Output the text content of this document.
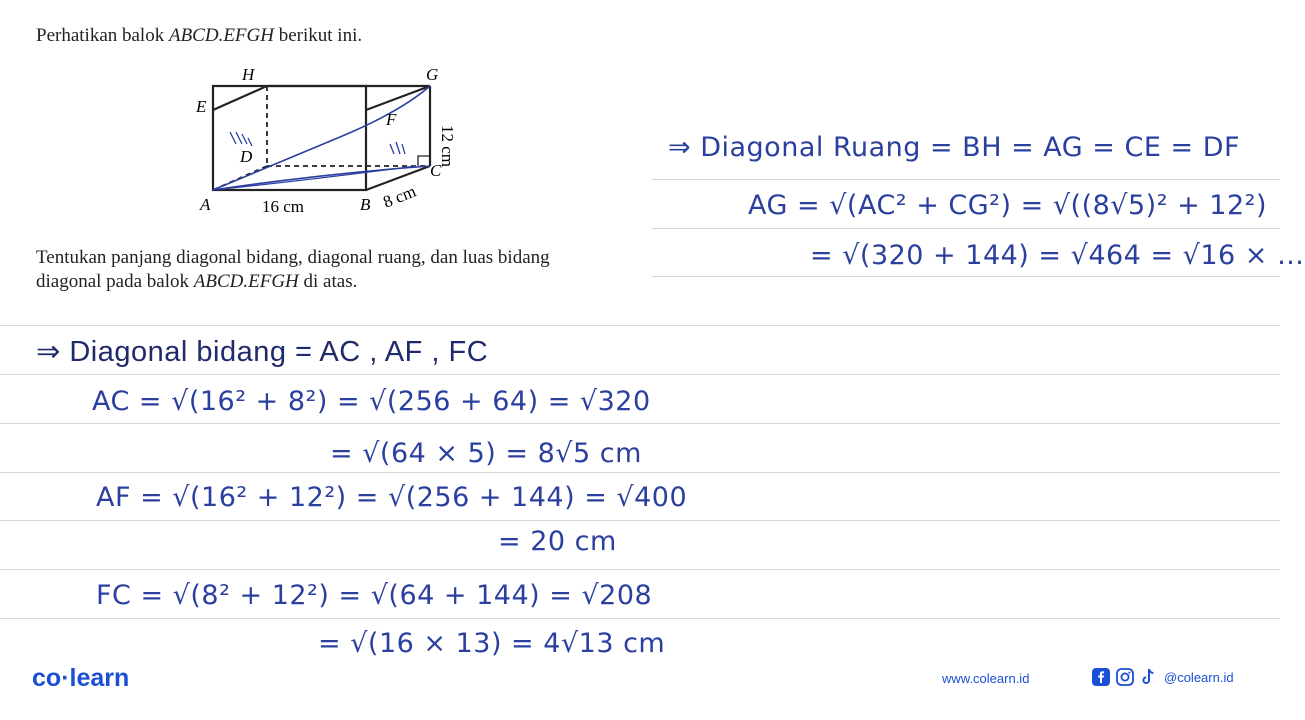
Perhatikan balok ABCD.EFGH berikut ini.
Tentukan panjang diagonal bidang, diagonal ruang, dan luas bidang
diagonal pada balok ABCD.EFGH di atas.
H	G
E
F
D
C
A	B
16 cm	8 cm
12 cm	⇒ Diagonal Ruang = BH = AG = CE = DF
AG = √(AC² + CG²) = √((8√5)² + 12²)
= √(320 + 144) = √464 = √16 × …
⇒ Diagonal bidang = AC , AF , FC
AC = √(16² + 8²) = √(256 + 64) = √320
= √(64 × 5) = 8√5 cm
AF = √(16² + 12²) = √(256 + 144) = √400
= 20 cm
FC = √(8² + 12²) = √(64 + 144) = √208
= √(16 × 13) = 4√13 cm
co·learn	www.colearn.id	@colearn.id
